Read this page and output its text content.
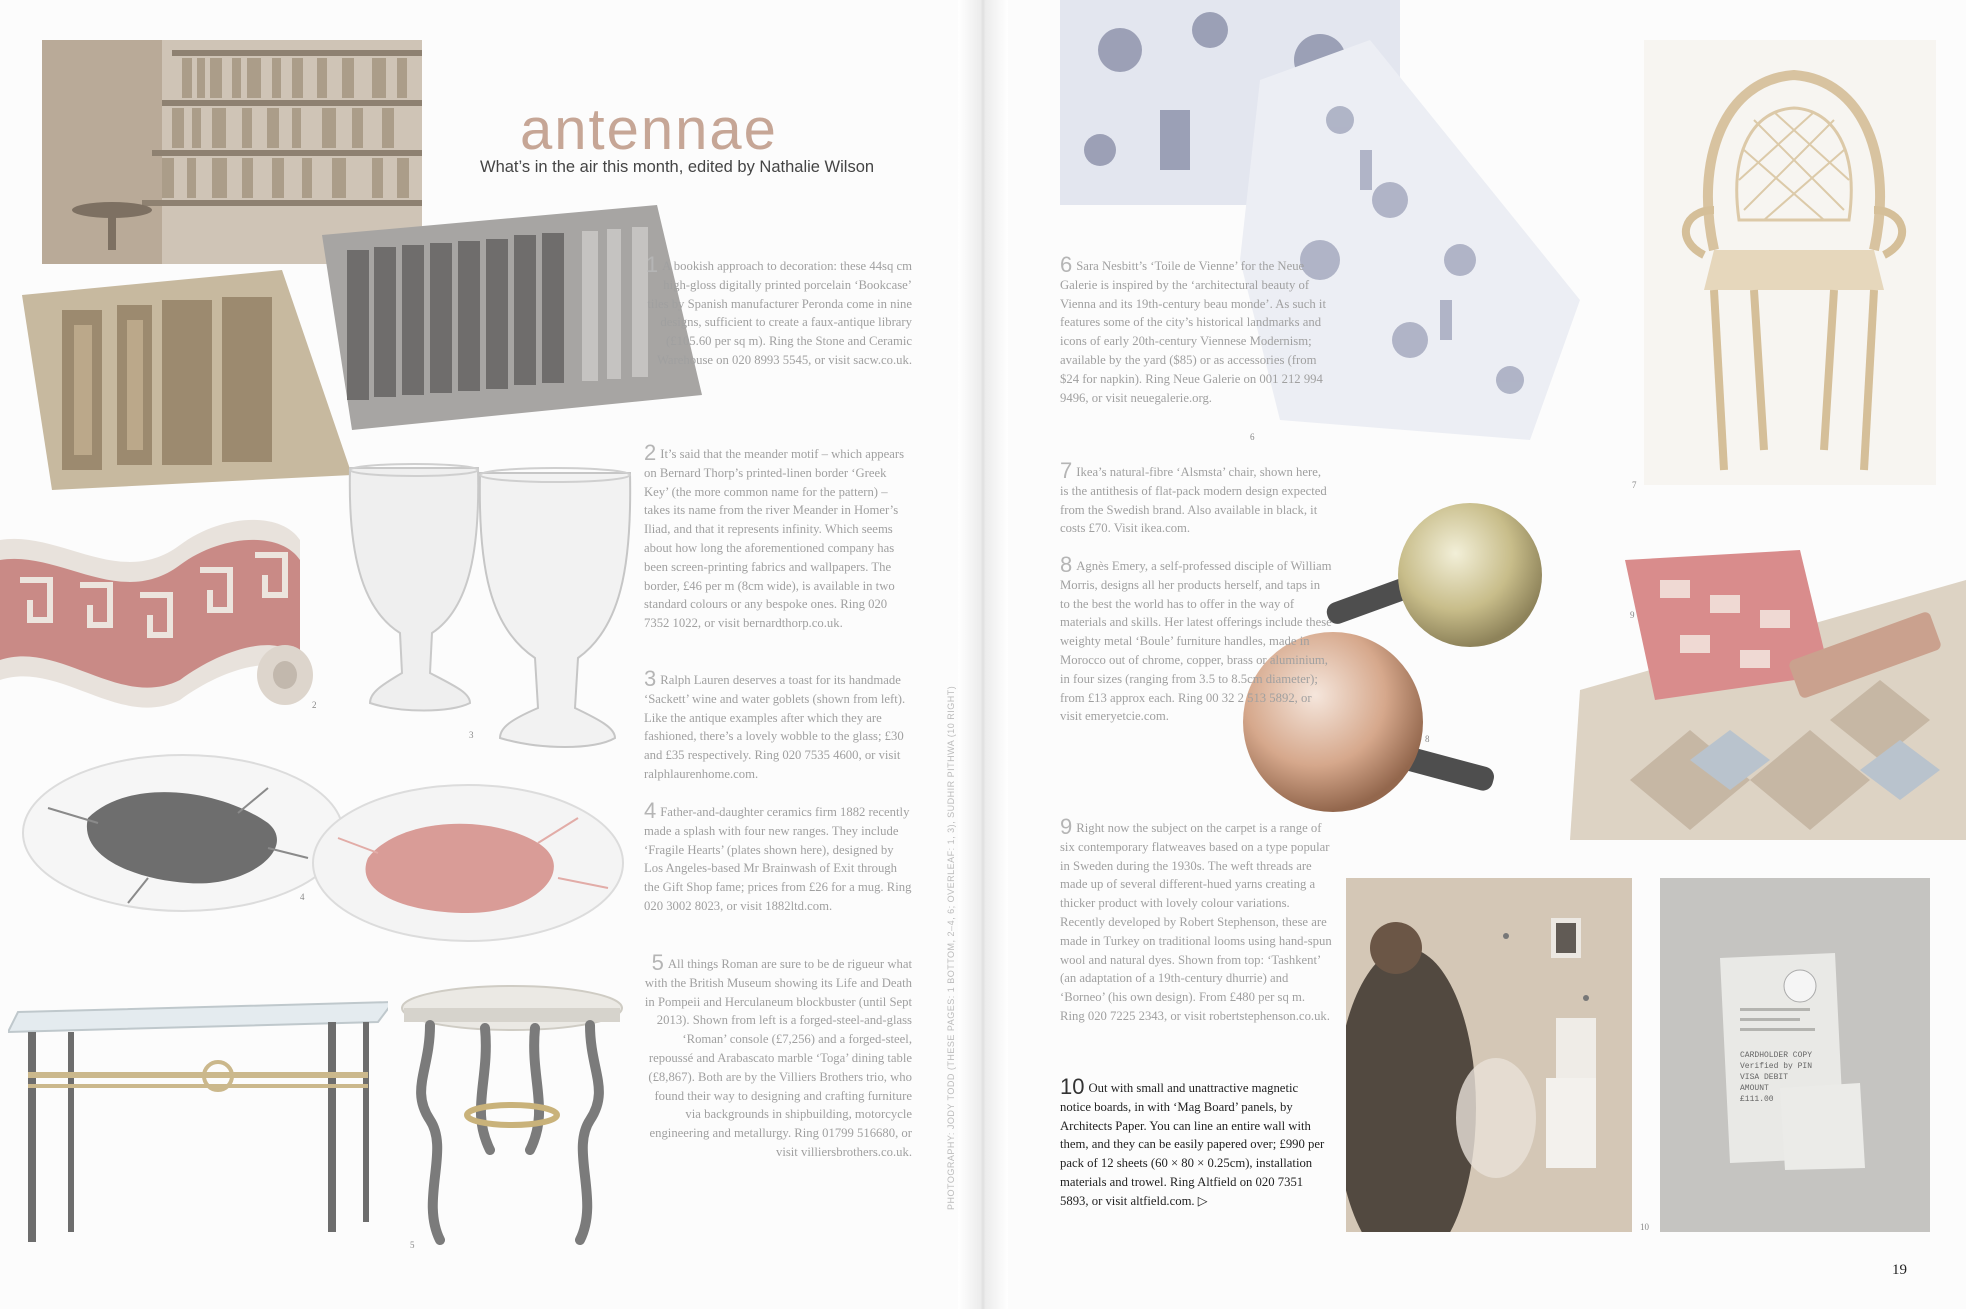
2
3
4
5
antennae
What’s in the air this month, edited by Nathalie Wilson

1 A bookish approach to decoration: these 44sq cm high-gloss digitally printed porcelain ‘Bookcase’ tiles by Spanish manufacturer Peronda come in nine designs, sufficient to create a faux-antique library (£105.60 per sq m). Ring the Stone and Ceramic Warehouse on 020 8993 5545, or visit sacw.co.uk.

2 It’s said that the meander motif – which appears on Bernard Thorp’s printed-linen border ‘Greek Key’ (the more common name for the pattern) – takes its name from the river Meander in Homer’s Iliad, and that it represents infinity. Which seems about how long the aforementioned company has been screen-printing fabrics and wallpapers. The border, £46 per m (8cm wide), is available in two standard colours or any bespoke ones. Ring 020 7352 1022, or visit bernardthorp.co.uk.

3 Ralph Lauren deserves a toast for its handmade ‘Sackett’ wine and water goblets (shown from left). Like the antique examples after which they are fashioned, there’s a lovely wobble to the glass; £30 and £35 respectively. Ring 020 7535 4600, or visit ralphlaurenhome.com.

4 Father-and-daughter ceramics firm 1882 recently made a splash with four new ranges. They include ‘Fragile Hearts’ (plates shown here), designed by Los Angeles-based Mr Brainwash of Exit through the Gift Shop fame; prices from £26 for a mug. Ring 020 3002 8023, or visit 1882ltd.com.

5 All things Roman are sure to be de rigueur what with the British Museum showing its Life and Death in Pompeii and Herculaneum blockbuster (until Sept 2013). Shown from left is a forged-steel-and-glass ‘Roman’ console (£7,256) and a forged-steel, repoussé and Arabascato marble ‘Toga’ dining table (£8,867). Both are by the Villiers Brothers trio, who found their way to designing and crafting furniture via backgrounds in shipbuilding, motorcycle engineering and metallurgy. Ring 01799 516680, or visit villiersbrothers.co.uk.	PHOTOGRAPHY: JODY TODD (THESE PAGES: 1 BOTTOM, 2–4, 6; OVERLEAF: 1, 3), SUDHIR PITHWA (10 RIGHT)
6
7
8
9
CARDHOLDER COPY
Verified by PIN
VISA DEBIT
AMOUNT
£111.00
10

6 Sara Nesbitt’s ‘Toile de Vienne’ for the Neue Galerie is inspired by the ‘architectural beauty of Vienna and its 19th-century beau monde’. As such it features some of the city’s historical landmarks and icons of early 20th-century Viennese Modernism; available by the yard ($85) or as accessories (from $24 for napkin). Ring Neue Galerie on 001 212 994 9496, or visit neuegalerie.org.

7 Ikea’s natural-fibre ‘Alsmsta’ chair, shown here, is the antithesis of flat-pack modern design expected from the Swedish brand. Also available in black, it costs £70. Visit ikea.com.

8 Agnès Emery, a self-professed disciple of William Morris, designs all her products herself, and taps in to the best the world has to offer in the way of materials and skills. Her latest offerings include these weighty metal ‘Boule’ furniture handles, made in Morocco out of chrome, copper, brass or aluminium, in four sizes (ranging from 3.5 to 8.5cm diameter); from £13 approx each. Ring 00 32 2 513 5892, or visit emeryetcie.com.

9 Right now the subject on the carpet is a range of six contemporary flatweaves based on a type popular in Sweden during the 1930s. The weft threads are made up of several different-hued yarns creating a thicker product with lovely colour variations. Recently developed by Robert Stephenson, these are made in Turkey on traditional looms using hand-spun wool and natural dyes. Shown from top: ‘Tashkent’ (an adaptation of a 19th-century dhurrie) and ‘Borneo’ (his own design). From £480 per sq m. Ring 020 7225 2343, or visit robertstephenson.co.uk.

10 Out with small and unattractive magnetic notice boards, in with ‘Mag Board’ panels, by Architects Paper. You can line an entire wall with them, and they can be easily papered over; £990 per pack of 12 sheets (60 × 80 × 0.25cm), installation materials and trowel. Ring Altfield on 020 7351 5893, or visit altfield.com. ▷

19
